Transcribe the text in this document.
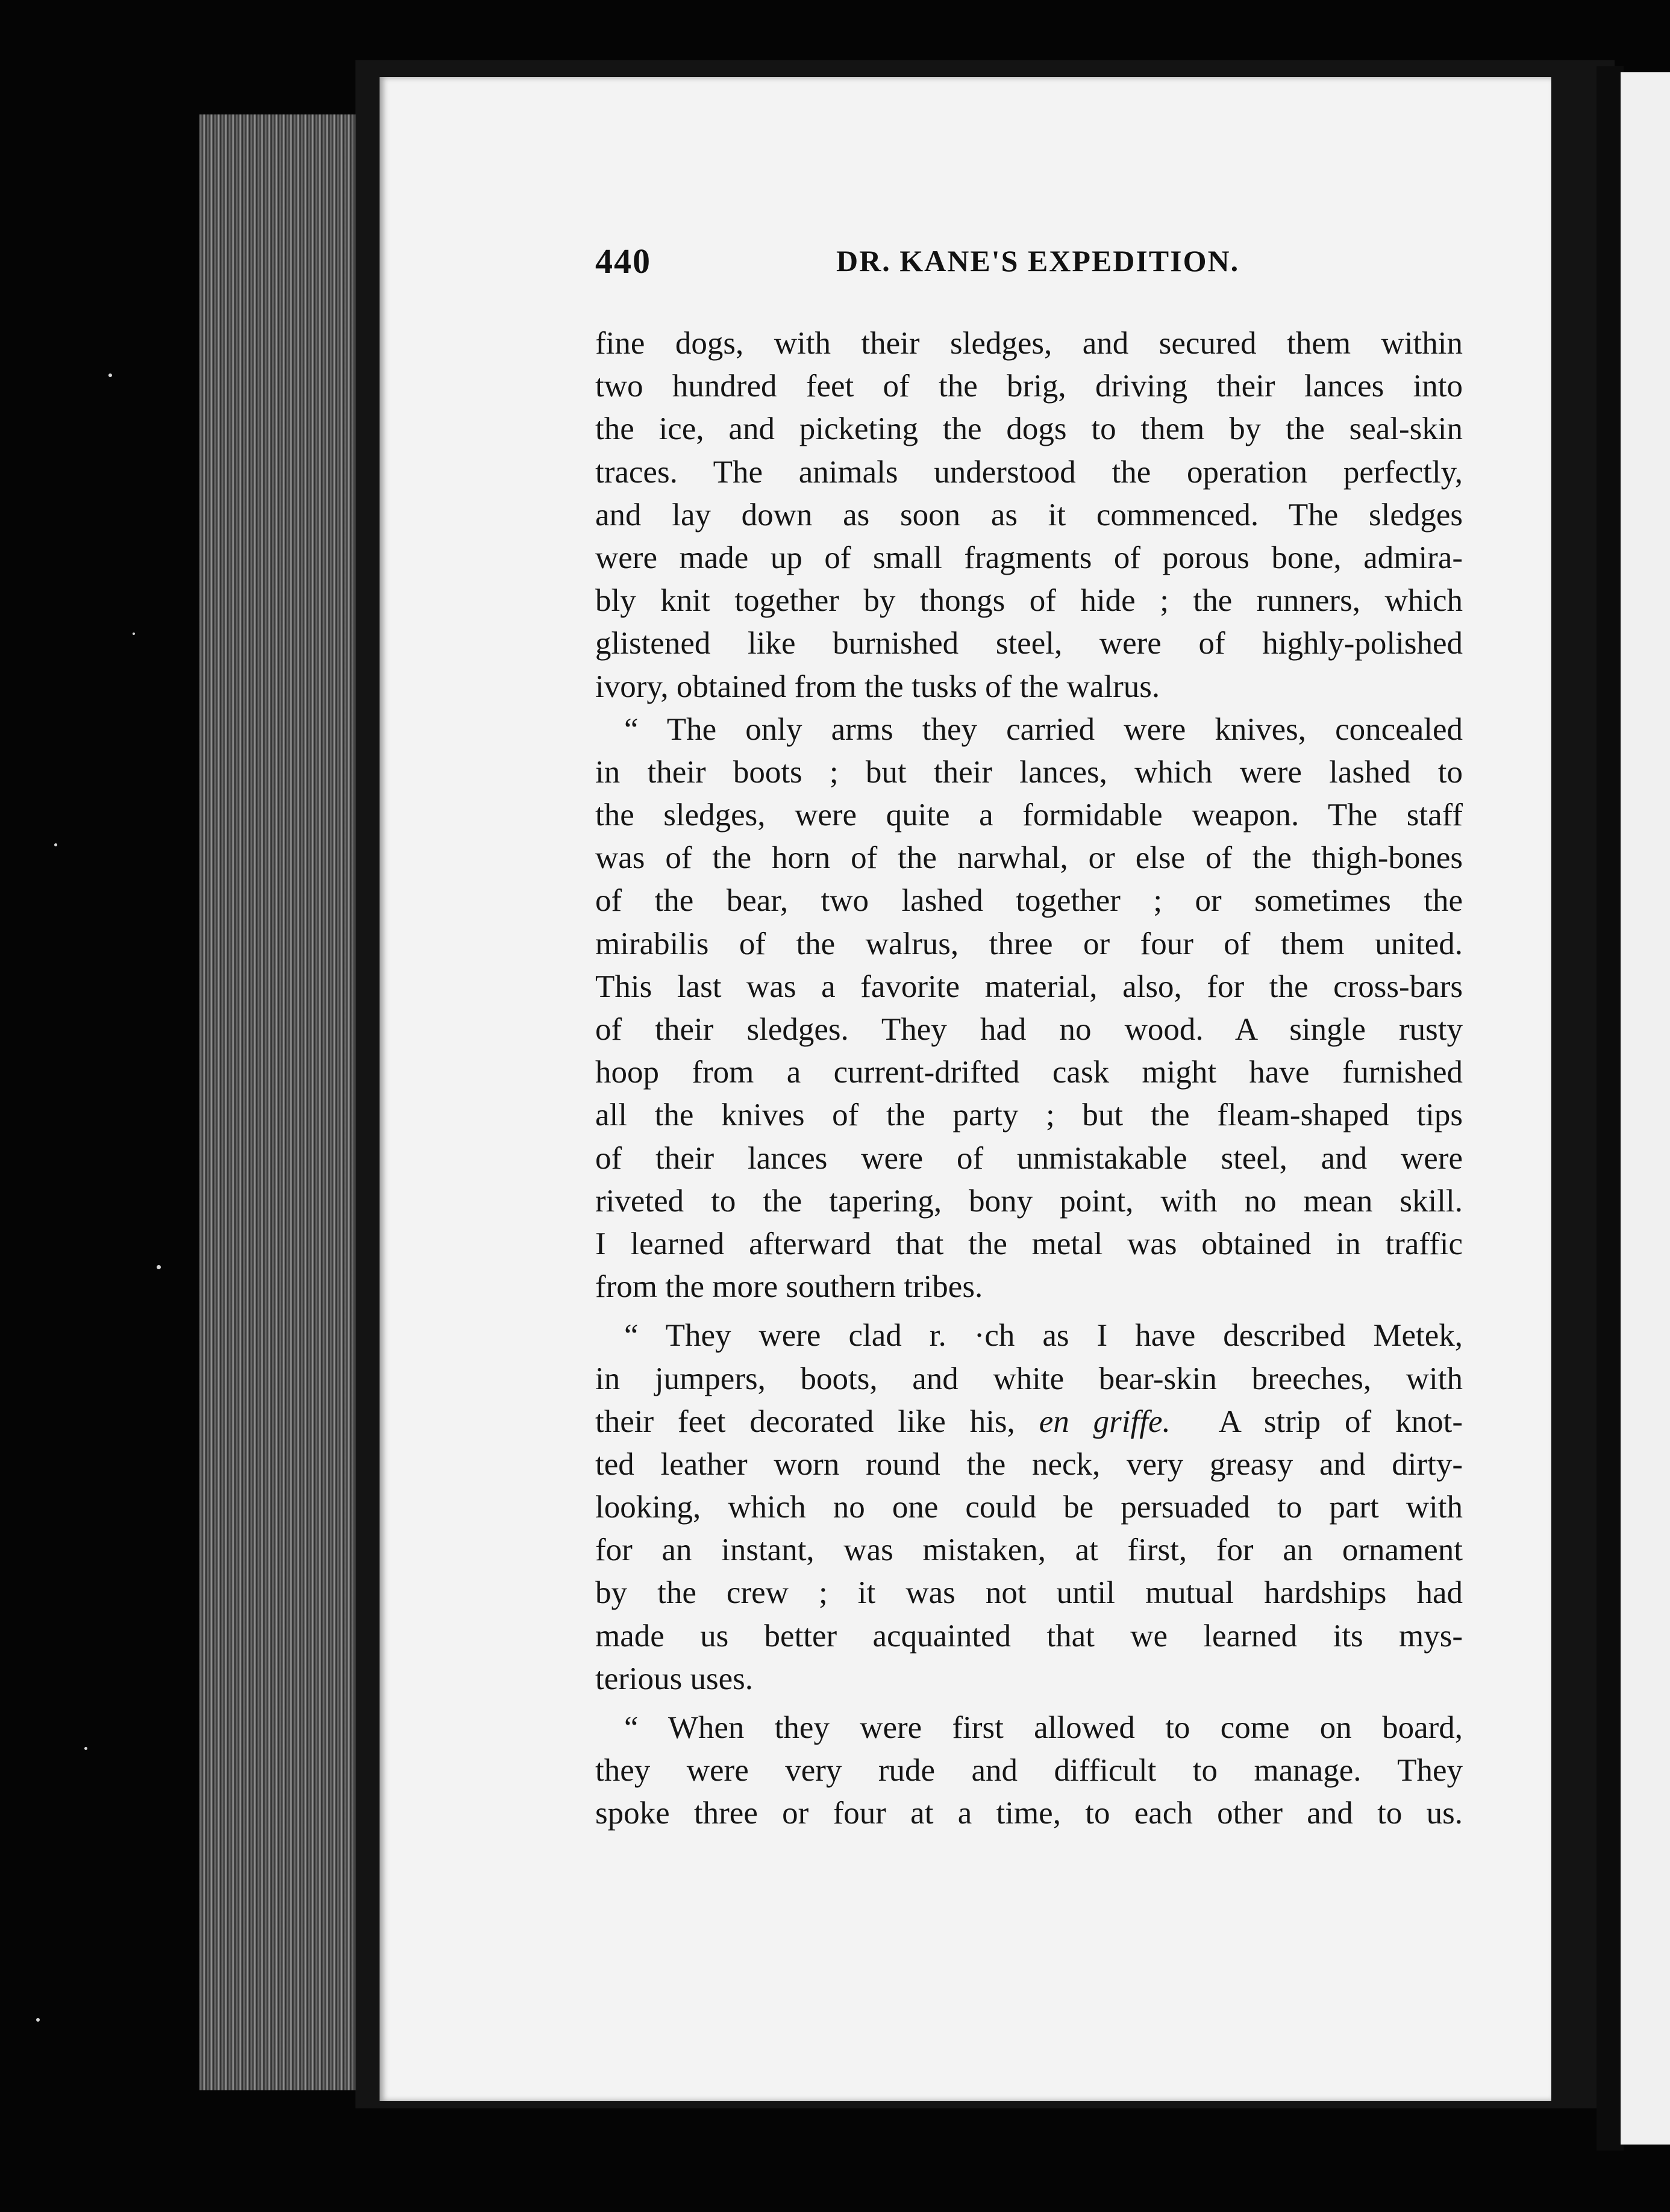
440	DR. KANE'S EXPEDITION.
fine dogs, with their sledges, and secured them within
two hundred feet of the brig, driving their lances into
the ice, and picketing the dogs to them by the seal-skin
traces. The animals understood the operation perfectly,
and lay down as soon as it commenced. The sledges
were made up of small fragments of porous bone, admira-
bly knit together by thongs of hide ; the runners, which
glistened like burnished steel, were of highly-polished
ivory, obtained from the tusks of the walrus.
“ The only arms they carried were knives, concealed
in their boots ; but their lances, which were lashed to
the sledges, were quite a formidable weapon. The staff
was of the horn of the narwhal, or else of the thigh-bones
of the bear, two lashed together ; or sometimes the
mirabilis of the walrus, three or four of them united.
This last was a favorite material, also, for the cross-bars
of their sledges. They had no wood. A single rusty
hoop from a current-drifted cask might have furnished
all the knives of the party ; but the fleam-shaped tips
of their lances were of unmistakable steel, and were
riveted to the tapering, bony point, with no mean skill.
I learned afterward that the metal was obtained in traffic
from the more southern tribes.
“ They were clad r. ·ch as I have described Metek,
in jumpers, boots, and white bear-skin breeches, with
their feet decorated like his, en griffe. A strip of knot-
ted leather worn round the neck, very greasy and dirty-
looking, which no one could be persuaded to part with
for an instant, was mistaken, at first, for an ornament
by the crew ; it was not until mutual hardships had
made us better acquainted that we learned its mys-
terious uses.
“ When they were first allowed to come on board,
they were very rude and difficult to manage. They
spoke three or four at a time, to each other and to us.
